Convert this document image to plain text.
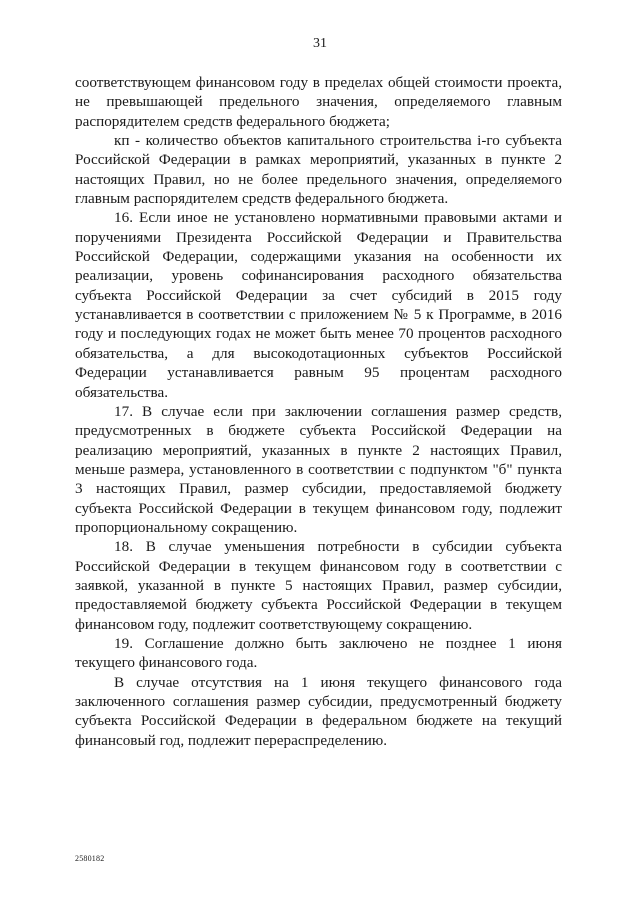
31

соответствующем финансовом году в пределах общей стоимости проекта, не превышающей предельного значения, определяемого главным распорядителем средств федерального бюджета;

кп - количество объектов капитального строительства i-го субъекта Российской Федерации в рамках мероприятий, указанных в пункте 2 настоящих Правил, но не более предельного значения, определяемого главным распорядителем средств федерального бюджета.

16. Если иное не установлено нормативными правовыми актами и поручениями Президента Российской Федерации и Правительства Российской Федерации, содержащими указания на особенности их реализации, уровень софинансирования расходного обязательства субъекта Российской Федерации за счет субсидий в 2015 году устанавливается в соответствии с приложением № 5 к Программе, в 2016 году и последующих годах не может быть менее 70 процентов расходного обязательства, а для высокодотационных субъектов Российской Федерации устанавливается равным 95 процентам расходного обязательства.

17. В случае если при заключении соглашения размер средств, предусмотренных в бюджете субъекта Российской Федерации на реализацию мероприятий, указанных в пункте 2 настоящих Правил, меньше размера, установленного в соответствии с подпунктом "б" пункта 3 настоящих Правил, размер субсидии, предоставляемой бюджету субъекта Российской Федерации в текущем финансовом году, подлежит пропорциональному сокращению.

18. В случае уменьшения потребности в субсидии субъекта Российской Федерации в текущем финансовом году в соответствии с заявкой, указанной в пункте 5 настоящих Правил, размер субсидии, предоставляемой бюджету субъекта Российской Федерации в текущем финансовом году, подлежит соответствующему сокращению.

19. Соглашение должно быть заключено не позднее 1 июня текущего финансового года.

В случае отсутствия на 1 июня текущего финансового года заключенного соглашения размер субсидии, предусмотренный бюджету субъекта Российской Федерации в федеральном бюджете на текущий финансовый год, подлежит перераспределению.

2580182
